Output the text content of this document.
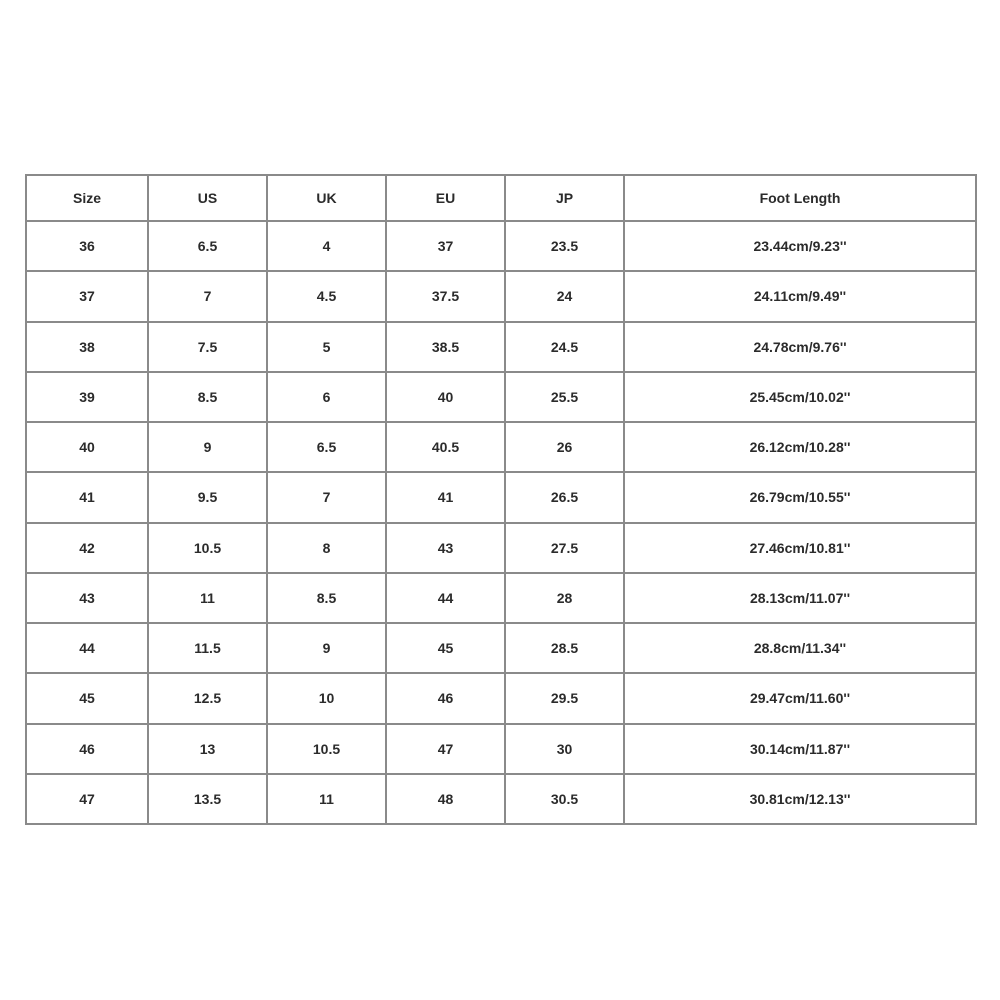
Size	US	UK	EU	JP	Foot Length
36	6.5	4	37	23.5	23.44cm/9.23''
37	7	4.5	37.5	24	24.11cm/9.49''
38	7.5	5	38.5	24.5	24.78cm/9.76''
39	8.5	6	40	25.5	25.45cm/10.02''
40	9	6.5	40.5	26	26.12cm/10.28''
41	9.5	7	41	26.5	26.79cm/10.55''
42	10.5	8	43	27.5	27.46cm/10.81''
43	11	8.5	44	28	28.13cm/11.07''
44	11.5	9	45	28.5	28.8cm/11.34''
45	12.5	10	46	29.5	29.47cm/11.60''
46	13	10.5	47	30	30.14cm/11.87''
47	13.5	11	48	30.5	30.81cm/12.13''
